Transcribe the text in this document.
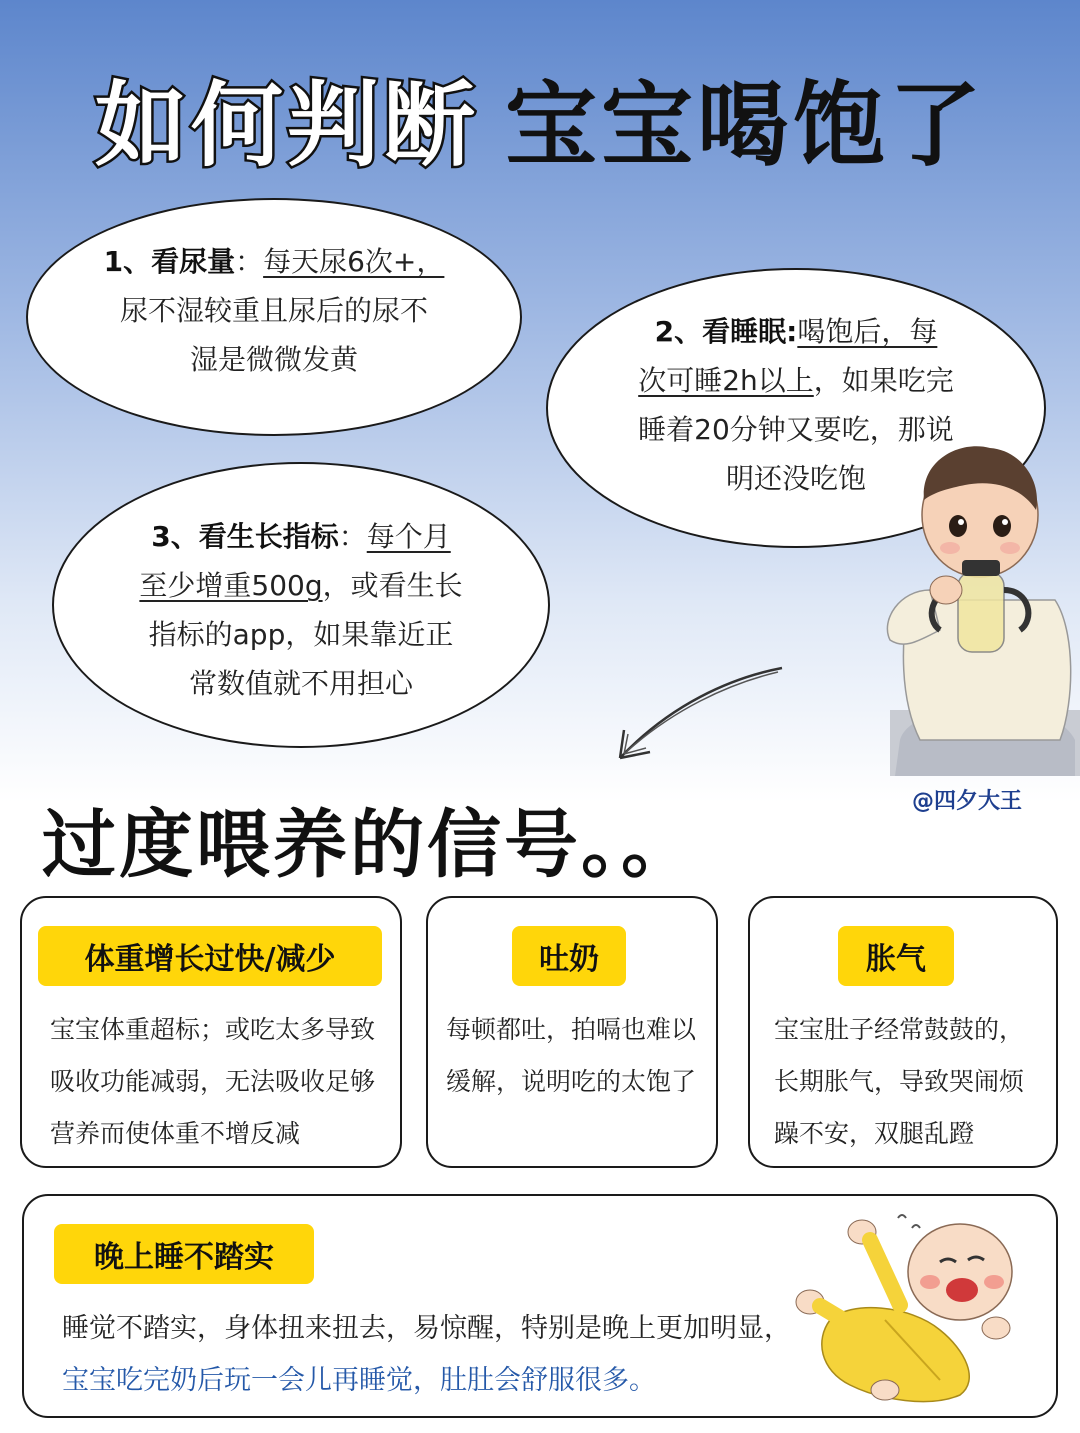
如何判断 宝宝喝饱了
1、看尿量：每天尿6次+，
尿不湿较重且尿后的尿不
湿是微微发黄
2、看睡眠:喝饱后，每
次可睡2h以上，如果吃完
睡着20分钟又要吃，那说
明还没吃饱
3、看生长指标：每个月
至少增重500g，或看生长
指标的app，如果靠近正
常数值就不用担心
@四夕大王
过度喂养的信号。。
体重增长过快/减少
宝宝体重超标；或吃太多导致
吸收功能减弱，无法吸收足够
营养而使体重不增反减
吐奶
每顿都吐，拍嗝也难以
缓解，说明吃的太饱了
胀气
宝宝肚子经常鼓鼓的，
长期胀气，导致哭闹烦
躁不安，双腿乱蹬
晚上睡不踏实
睡觉不踏实，身体扭来扭去，易惊醒，特别是晚上更加明显，
宝宝吃完奶后玩一会儿再睡觉，肚肚会舒服很多。
